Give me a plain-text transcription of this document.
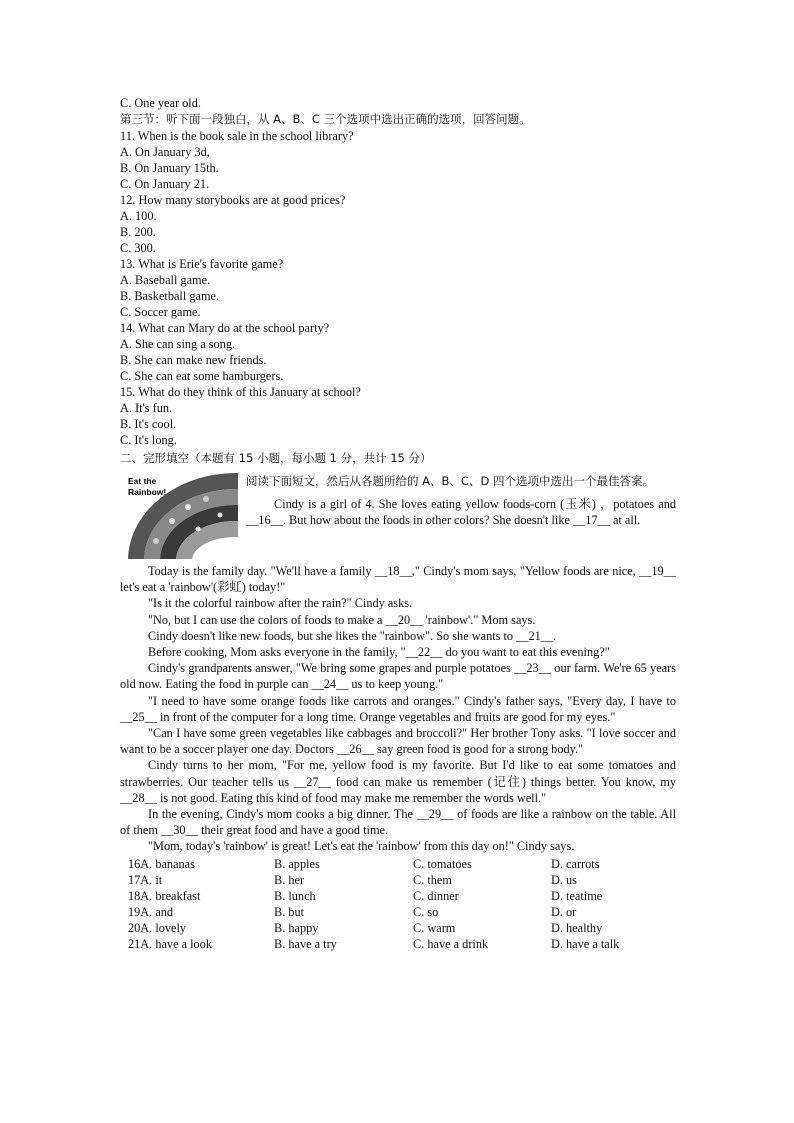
C. One year old.
第三节：听下面一段独白，从 A、B、C 三个选项中选出正确的选项，回答问题。
11. When is the book sale in the school library?
A. On January 3d,
B. On January 15th.
C. On January 21.
12. How many storybooks are at good prices?
A. 100.
B. 200.
C. 300.
13. What is Erie's favorite game?
A. Baseball game.
B. Basketball game.
C. Soccer game.
14. What can Mary do at the school party?
A. She can sing a song.
B. She can make new friends.
C. She can eat some hamburgers.
15. What do they think of this January at school?
A. It's fun.
B. It's cool.
C. It's long.
二、完形填空（本题有 15 小题，每小题 1 分，共计 15 分）
Eat the
Rainbow!
阅读下面短文，然后从各题所给的 A、B、C、D 四个选项中选出一个最佳答案。
Cindy is a girl of 4. She loves eating yellow foods-corn (玉米) ，potatoes and __16__. But how about the foods in other colors? She doesn't like __17__ at all.
Today is the family day. "We'll have a family __18__," Cindy's mom says, "Yellow foods are nice, __19__ let's eat a 'rainbow'(彩虹) today!"
"Is it the colorful rainbow after the rain?" Cindy asks.
"No, but I can use the colors of foods to make a __20__ 'rainbow'." Mom says.
Cindy doesn't like new foods, but she likes the "rainbow". So she wants to __21__.
Before cooking, Mom asks everyone in the family, "__22__ do you want to eat this evening?"
Cindy's grandparents answer, "We bring some grapes and purple potatoes __23__ our farm. We're 65 years old now. Eating the food in purple can __24__ us to keep young."
"I need to have some orange foods like carrots and oranges." Cindy's father says, "Every day, I have to __25__ in front of the computer for a long time. Orange vegetables and fruits are good for my eyes."
"Can I have some green vegetables like cabbages and broccoli?" Her brother Tony asks. "I love soccer and want to be a soccer player one day. Doctors __26__ say green food is good for a strong body."
Cindy turns to her mom, "For me, yellow food is my favorite. But I'd like to eat some tomatoes and strawberries. Our teacher tells us __27__ food can make us remember (记住) things better. You know, my __28__ is not good. Eating this kind of food may make me remember the words well."
In the evening, Cindy's mom cooks a big dinner. The __29__ of foods are like a rainbow on the table. All of them __30__ their great food and have a good time.
"Mom, today's 'rainbow' is great! Let's eat the 'rainbow' from this day on!" Cindy says.
16A. bananas	B. apples	C. tomatoes	D. carrots
17A. it	B. her	C. them	D. us
18A. breakfast	B. lunch	C. dinner	D. teatime
19A. and	B. but	C. so	D. or
20A. lovely	B. happy	C. warm	D. healthy
21A. have a look	B. have a try	C. have a drink	D. have a talk
